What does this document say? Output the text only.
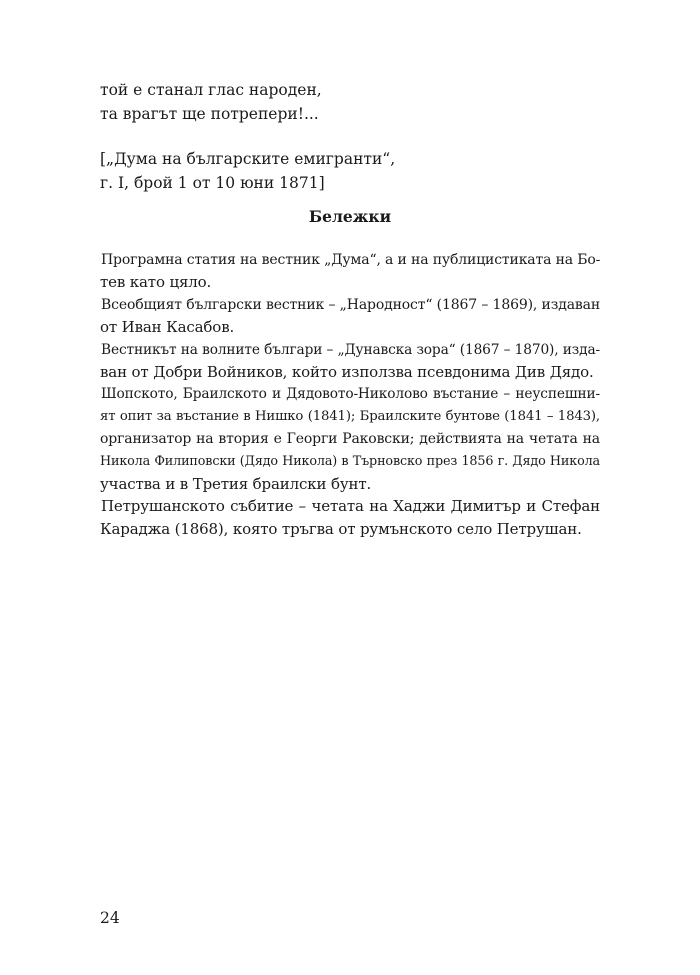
той е станал глас народен,
та врагът ще потрепери!...
[„Дума на българските емигранти“,
г. I, брой 1 от 10 юни 1871]
Бележки
Програмна статия на вестник „Дума“, а и на публицистиката на Бо-
тев като цяло.
Всеобщият български вестник – „Народност“ (1867 – 1869), издаван
от Иван Касабов.
Вестникът на волните българи – „Дунавска зора“ (1867 – 1870), изда-
ван от Добри Войников, който използва псевдонима Див Дядо.
Шопското, Браилското и Дядовото-Николово въстание – неуспешни-
ят опит за въстание в Нишко (1841); Браилските бунтове (1841 – 1843),
организатор на втория е Георги Раковски; действията на четата на
Никола Филиповски (Дядо Никола) в Търновско през 1856 г. Дядо Никола
участва и в Третия браилски бунт.
Петрушанското събитие – четата на Хаджи Димитър и Стефан
Караджа (1868), която тръгва от румънското село Петрушан.
24
